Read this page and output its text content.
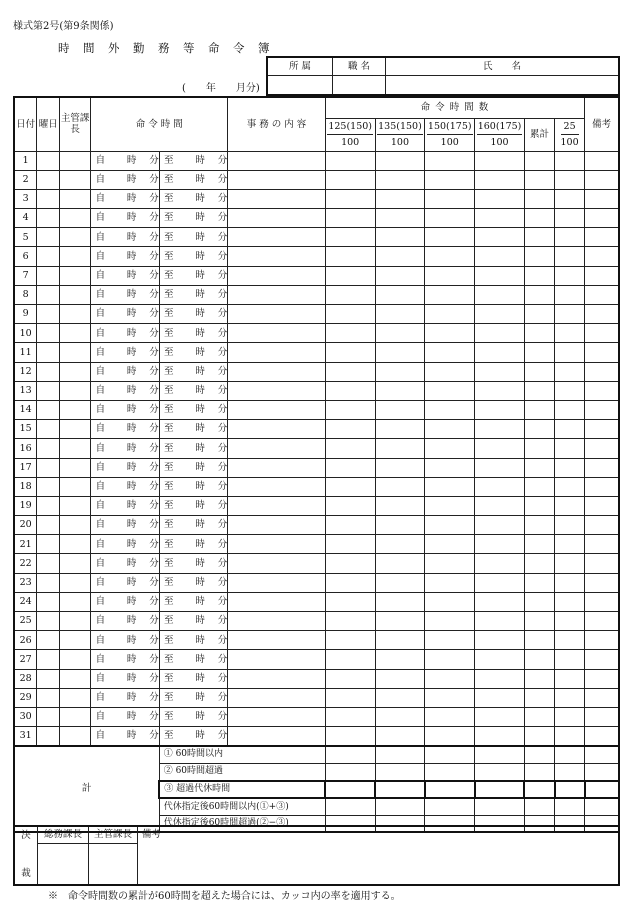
様式第2号(第9条関係)
時　間　外　勤　務　等　命　令　簿
(　　年　　月分)
所 属	職 名	氏　　名

日付	曜日	主管課長	命 令 時 間						事 務 の 内 容	命 令 時 間 数						備考

										$\frac{125(150)}{100}$	$\frac{135(150)}{100}$	$\frac{150(175)}{100}$	$\frac{160(175)}{100}$	累計	$\frac{25}{100}$

1			自	時	分	至	時	分								
2			自	時	分	至	時	分								
3			自	時	分	至	時	分								
4			自	時	分	至	時	分								
5			自	時	分	至	時	分								
6			自	時	分	至	時	分								
7			自	時	分	至	時	分								
8			自	時	分	至	時	分								
9			自	時	分	至	時	分								
10			自	時	分	至	時	分								
11			自	時	分	至	時	分								
12			自	時	分	至	時	分								
13			自	時	分	至	時	分								
14			自	時	分	至	時	分								
15			自	時	分	至	時	分								
16			自	時	分	至	時	分								
17			自	時	分	至	時	分								
18			自	時	分	至	時	分								
19			自	時	分	至	時	分								
20			自	時	分	至	時	分								
21			自	時	分	至	時	分								
22			自	時	分	至	時	分								
23			自	時	分	至	時	分								
24			自	時	分	至	時	分								
25			自	時	分	至	時	分								
26			自	時	分	至	時	分								
27			自	時	分	至	時	分								
28			自	時	分	至	時	分								
29			自	時	分	至	時	分								
30			自	時	分	至	時	分								
31			自	時	分	至	時	分								
計						① 60時間以内										
						② 60時間超過										
						③ 超過代休時間										
						代休指定後60時間以内(①+③)										
						代休指定後60時間超過(②−③)										
決

裁	総務課長	主管課長	備考

※　命令時間数の累計が60時間を超えた場合には、カッコ内の率を適用する。
